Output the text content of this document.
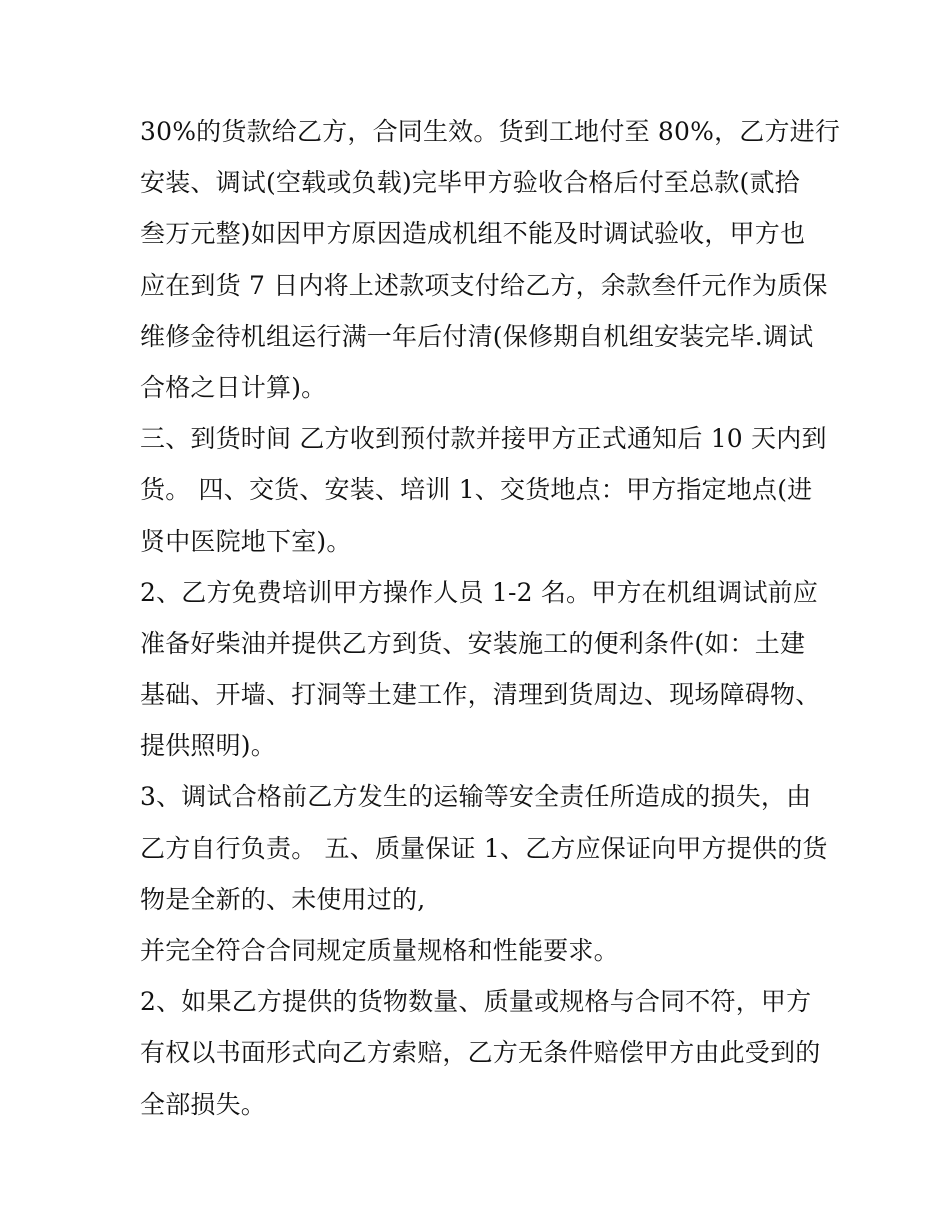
30%的货款给乙方，合同生效。货到工地付至 80%，乙方进行
安装、调试(空载或负载)完毕甲方验收合格后付至总款(贰拾
叁万元整)如因甲方原因造成机组不能及时调试验收，甲方也
应在到货 7 日内将上述款项支付给乙方，余款叁仟元作为质保
维修金待机组运行满一年后付清(保修期自机组安装完毕.调试
合格之日计算)。
三、到货时间 乙方收到预付款并接甲方正式通知后 10 天内到
货。 四、交货、安装、培训 1、交货地点：甲方指定地点(进
贤中医院地下室)。
2、乙方免费培训甲方操作人员 1-2 名。甲方在机组调试前应
准备好柴油并提供乙方到货、安装施工的便利条件(如：土建
基础、开墙、打洞等土建工作，清理到货周边、现场障碍物、
提供照明)。
3、调试合格前乙方发生的运输等安全责任所造成的损失，由
乙方自行负责。 五、质量保证 1、乙方应保证向甲方提供的货
物是全新的、未使用过的,
并完全符合合同规定质量规格和性能要求。
2、如果乙方提供的货物数量、质量或规格与合同不符，甲方
有权以书面形式向乙方索赔，乙方无条件赔偿甲方由此受到的
全部损失。
